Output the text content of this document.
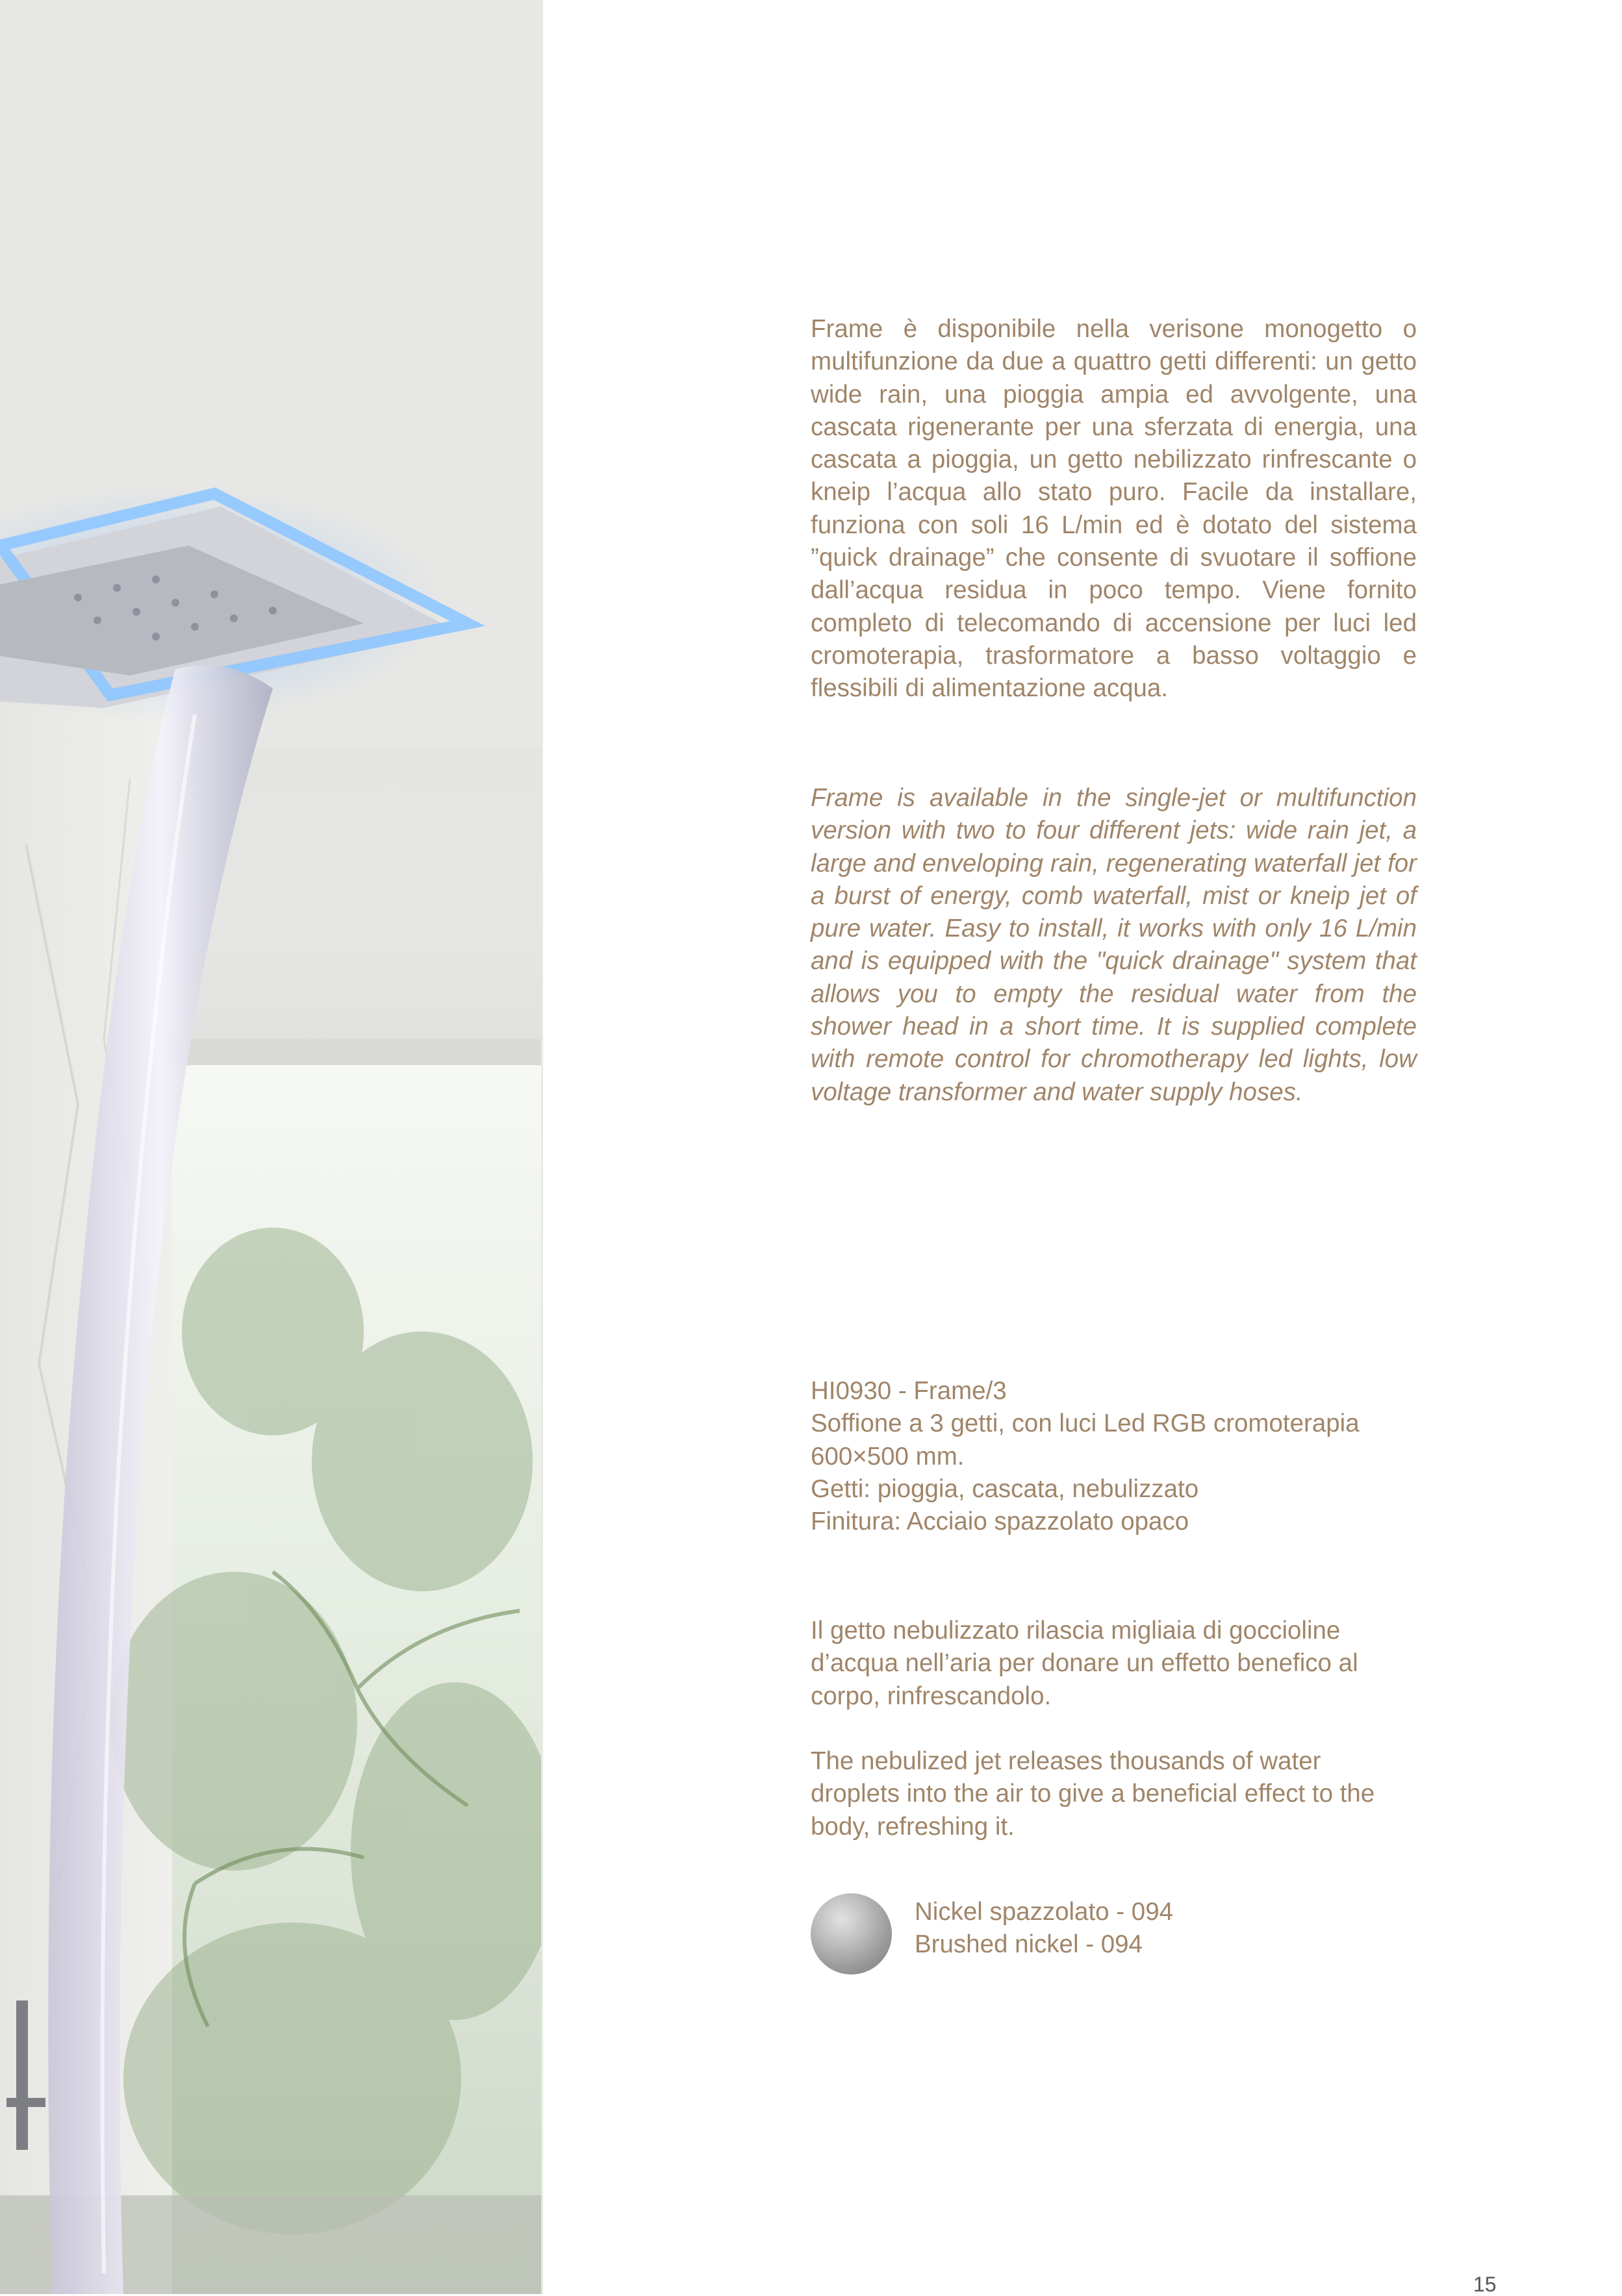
Frame è disponibile nella verisone monogetto o multifunzione da due a quattro getti differenti: un getto wide rain, una pioggia ampia ed avvolgente, una cascata rigenerante per una sferzata di energia, una cascata a pioggia, un getto nebilizzato rinfrescante o kneip l’acqua allo stato puro. Facile da installare, funziona con soli 16 L/min ed è dotato del sistema ”quick drainage” che consente di svuotare il soffione dall’acqua residua in poco tempo. Viene fornito completo di telecomando di accensione per luci led cromoterapia, trasformatore a basso voltaggio e flessibili di alimentazione acqua.

Frame is available in the single-jet or multifunction version with two to four different jets: wide rain jet, a large and enveloping rain, regenerating waterfall jet for a burst of energy, comb waterfall, mist or kneip jet of pure water. Easy to install, it works with only 16 L/min and is equipped with the "quick drainage" system that allows you to empty the residual water from the shower head in a short time. It is supplied complete with remote control for chromotherapy led lights, low voltage transformer and water supply hoses.

HI0930 - Frame/3
Soffione a 3 getti, con luci Led RGB cromoterapia
600×500 mm.
Getti: pioggia, cascata, nebulizzato
Finitura: Acciaio spazzolato opaco

Il getto nebulizzato rilascia migliaia di goccioline d’acqua nell’aria per donare un effetto benefico al corpo, rinfrescandolo.

The nebulized jet releases thousands of water droplets into the air to give a beneficial effect to the body, refreshing it.

Nickel spazzolato - 094
Brushed nickel - 094
15
